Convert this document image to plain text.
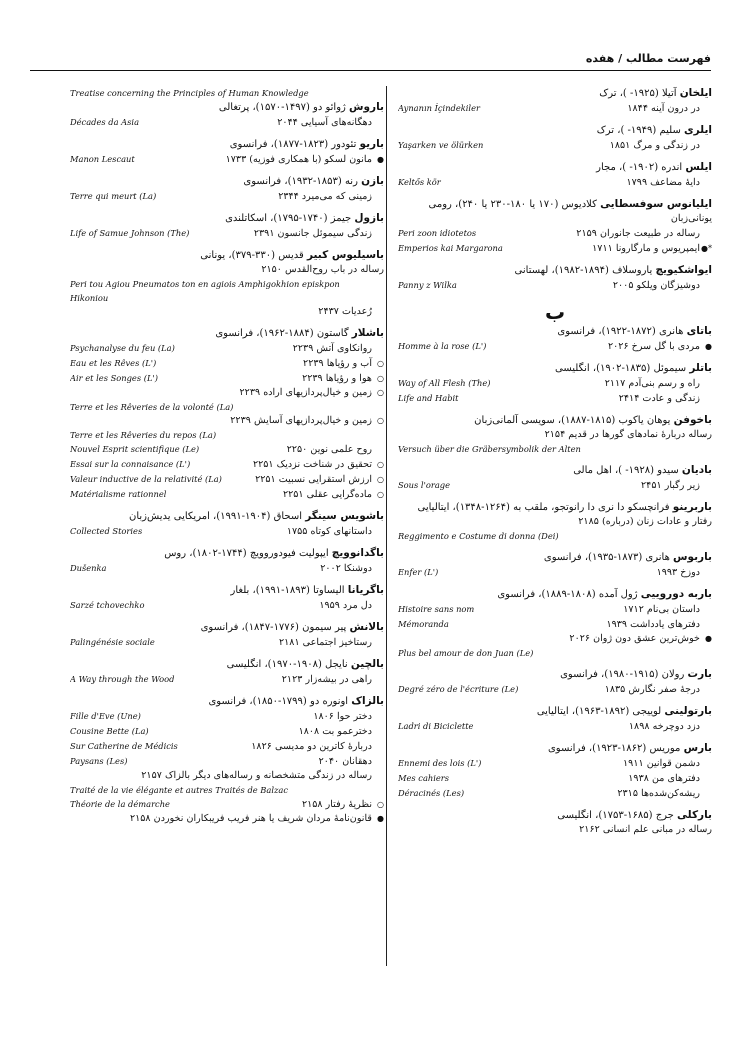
فهرست مطالب / هفده
ایلخان آتیلا (۱۹۲۵- )، ترک
Aynanın İçindekiler	در درون آینه ۱۸۴۴
ایلری سلیم (۱۹۴۹- )، ترک
Yaşarken ve ölürken	در زندگی و مرگ ۱۸۵۱
ایلس اندره (۱۹۰۲- )، مجار
Keltős kör	دایهٔ مضاعف ۱۷۹۹
ایلیانوس سوفسطایی کلادیوس (۱۷۰ یا ۱۸۰-۲۳۰ یا ۲۴۰)، رومی
یونانی‌زبان
Peri zoon idiotetos	رساله در طبیعت جانوران ۲۱۵۹
Emperios kai Margarona	ایمپریوس و مارگارونا ۱۷۱۱ ●*
ایواشکیویچ یاروسلاف (۱۸۹۴-۱۹۸۲)، لهستانی
Panny z Wilka	دوشیزگان ویلکو ۲۰۰۵
ب
باتای هانری (۱۸۷۲-۱۹۲۲)، فرانسوی
Homme à la rose (L')	مردی با گل سرخ ۲۰۲۶ ●
باتلر سیموئل (۱۸۳۵-۱۹۰۲)، انگلیسی
Way of All Flesh (The)	راه و رسم بنی‌آدم ۲۱۱۷
Life and Habit	زندگی و عادت ۲۴۱۴
باخوفن یوهان یاکوب (۱۸۱۵-۱۸۸۷)، سویسی آلمانی‌زبان
رساله دربارهٔ نمادهای گورها در قدیم ۲۱۵۴
Versuch über die Gräbersymbolik der Alten
بادیان سیدو (۱۹۲۸- )، اهل مالی
Sous l'orage	زیر رگبار ۲۴۵۱
باربرینو فرانچسکو دا نری دا رانوتجو، ملقب به (۱۲۶۴-۱۳۴۸)، ایتالیایی
رفتار و عادات زنان (درباره) ۲۱۸۵
Reggimento e Costume di donna (Dei)
باربوس هانری (۱۸۷۳-۱۹۳۵)، فرانسوی
Enfer (L')	دوزخ ۱۹۹۳
باربه دوروییی ژول آمده (۱۸۰۸-۱۸۸۹)، فرانسوی
Histoire sans nom	داستان بی‌نام ۱۷۱۲
Mémoranda	دفترهای یادداشت ۱۹۳۹
خوش‌ترین عشق دون ژوان ۲۰۲۶ ●
Plus bel amour de don Juan (Le)
بارت رولان (۱۹۱۵-۱۹۸۰)، فرانسوی
Degré zéro de l'écriture (Le)	درجهٔ صفر نگارش ۱۸۳۵
بارتولینی لوییجی (۱۸۹۲-۱۹۶۳)، ایتالیایی
Ladri di Biciclette	دزد دوچرخه ۱۸۹۸
بارس موریس (۱۸۶۲-۱۹۲۳)، فرانسوی
Ennemi des lois (L')	دشمن قوانین ۱۹۱۱
Mes cahiers	دفترهای من ۱۹۳۸
Déracinés (Les)	ریشه‌کن‌شده‌ها ۲۳۱۵
بارکلی جرج (۱۶۸۵-۱۷۵۳)، انگلیسی
رساله در مبانی علم انسانی ۲۱۶۲
Treatise concerning the Principles of Human Knowledge
باروش ژوائو دو (۱۴۹۷-۱۵۷۰)، پرتغالی
Décades da Asia	دهگانه‌های آسیایی ۲۰۴۴
باریو تئودور (۱۸۲۳-۱۸۷۷)، فرانسوی
Manon Lescaut	مانون لسکو (با همکاری فوزیه) ۱۷۳۳ ●
بازن رنه (۱۸۵۳-۱۹۳۲)، فرانسوی
Terre qui meurt (La)	زمینی که می‌میرد ۲۳۴۴
بازول جیمز (۱۷۴۰-۱۷۹۵)، اسکاتلندی
Life of Samue Johnson (The)	زندگی سیموئل جانسون ۲۳۹۱
باسیلیوس کبیر قدیس (۳۳۰-۳۷۹)، یونانی
رساله در باب روح‌القدس ۲۱۵۰
Peri tou Agiou Pneumatos ton en agiois Amphigokhion episkpon
Hikoniou
رُعدیات ۲۴۳۷
باشلار گاستون (۱۸۸۴-۱۹۶۲)، فرانسوی
Psychanalyse du feu (La)	روانکاوی آتش ۲۲۳۹
Eau et les Rêves (L')	آب و رؤیاها ۲۲۳۹ ○
Air et les Songes (L')	هوا و رؤیاها ۲۲۳۹ ○
زمین و خیال‌پردازیهای اراده ۲۲۳۹ ○
Terre et les Rêveries de la volonté (La)
زمین و خیال‌پردازیهای آسایش ۲۲۳۹ ○
Terre et les Rêveries du repos (La)
Nouvel Esprit scientifique (Le)	روح علمی نوین ۲۲۵۰
Essai sur la connaisance (L')	تحقیق در شناخت نزدیک ۲۲۵۱ ○
Valeur inductive de la relativité (La)	ارزش استقرایی نسبیت ۲۲۵۱ ○
Matérialisme rationnel	ماده‌گرایی عقلی ۲۲۵۱ ○
باشویس سینگر اسحاق (۱۹۰۴-۱۹۹۱)، امریکایی یدیش‌زبان
Collected Stories	داستانهای کوتاه ۱۷۵۵
باگدانوویچ ایپولیت فیودوروویچ (۱۷۴۴-۱۸۰۲)، روس
Dušenka	دوشنکا ۲۰۰۲
باگریانا الیساوتا (۱۸۹۳-۱۹۹۱)، بلغار
Sarzé tchovechko	دل مرد ۱۹۵۹
بالانش پیر سیمون (۱۷۷۶-۱۸۴۷)، فرانسوی
Palingénésie sociale	رستاخیز اجتماعی ۲۱۸۱
بالچین نایجل (۱۹۰۸-۱۹۷۰)، انگلیسی
A Way through the Wood	راهی در بیشه‌زار ۲۱۲۳
بالزاک اونوره دو (۱۷۹۹-۱۸۵۰)، فرانسوی
Fille d'Eve (Une)	دختر حوا ۱۸۰۶
Cousine Bette (La)	دخترعمو بت ۱۸۰۸
Sur Catherine de Médicis	دربارهٔ کاترین دو مدیسی ۱۸۲۶
Paysans (Les)	دهقانان ۲۰۴۰
رساله در زندگی متشخصانه و رساله‌های دیگر بالزاک ۲۱۵۷
Traité de la vie élégante et autres Traités de Balzac
Théorie de la démarche	نظریهٔ رفتار ۲۱۵۸ ○
قانون‌نامهٔ مردان شریف یا هنر فریب فریبکاران نخوردن ۲۱۵۸ ●
